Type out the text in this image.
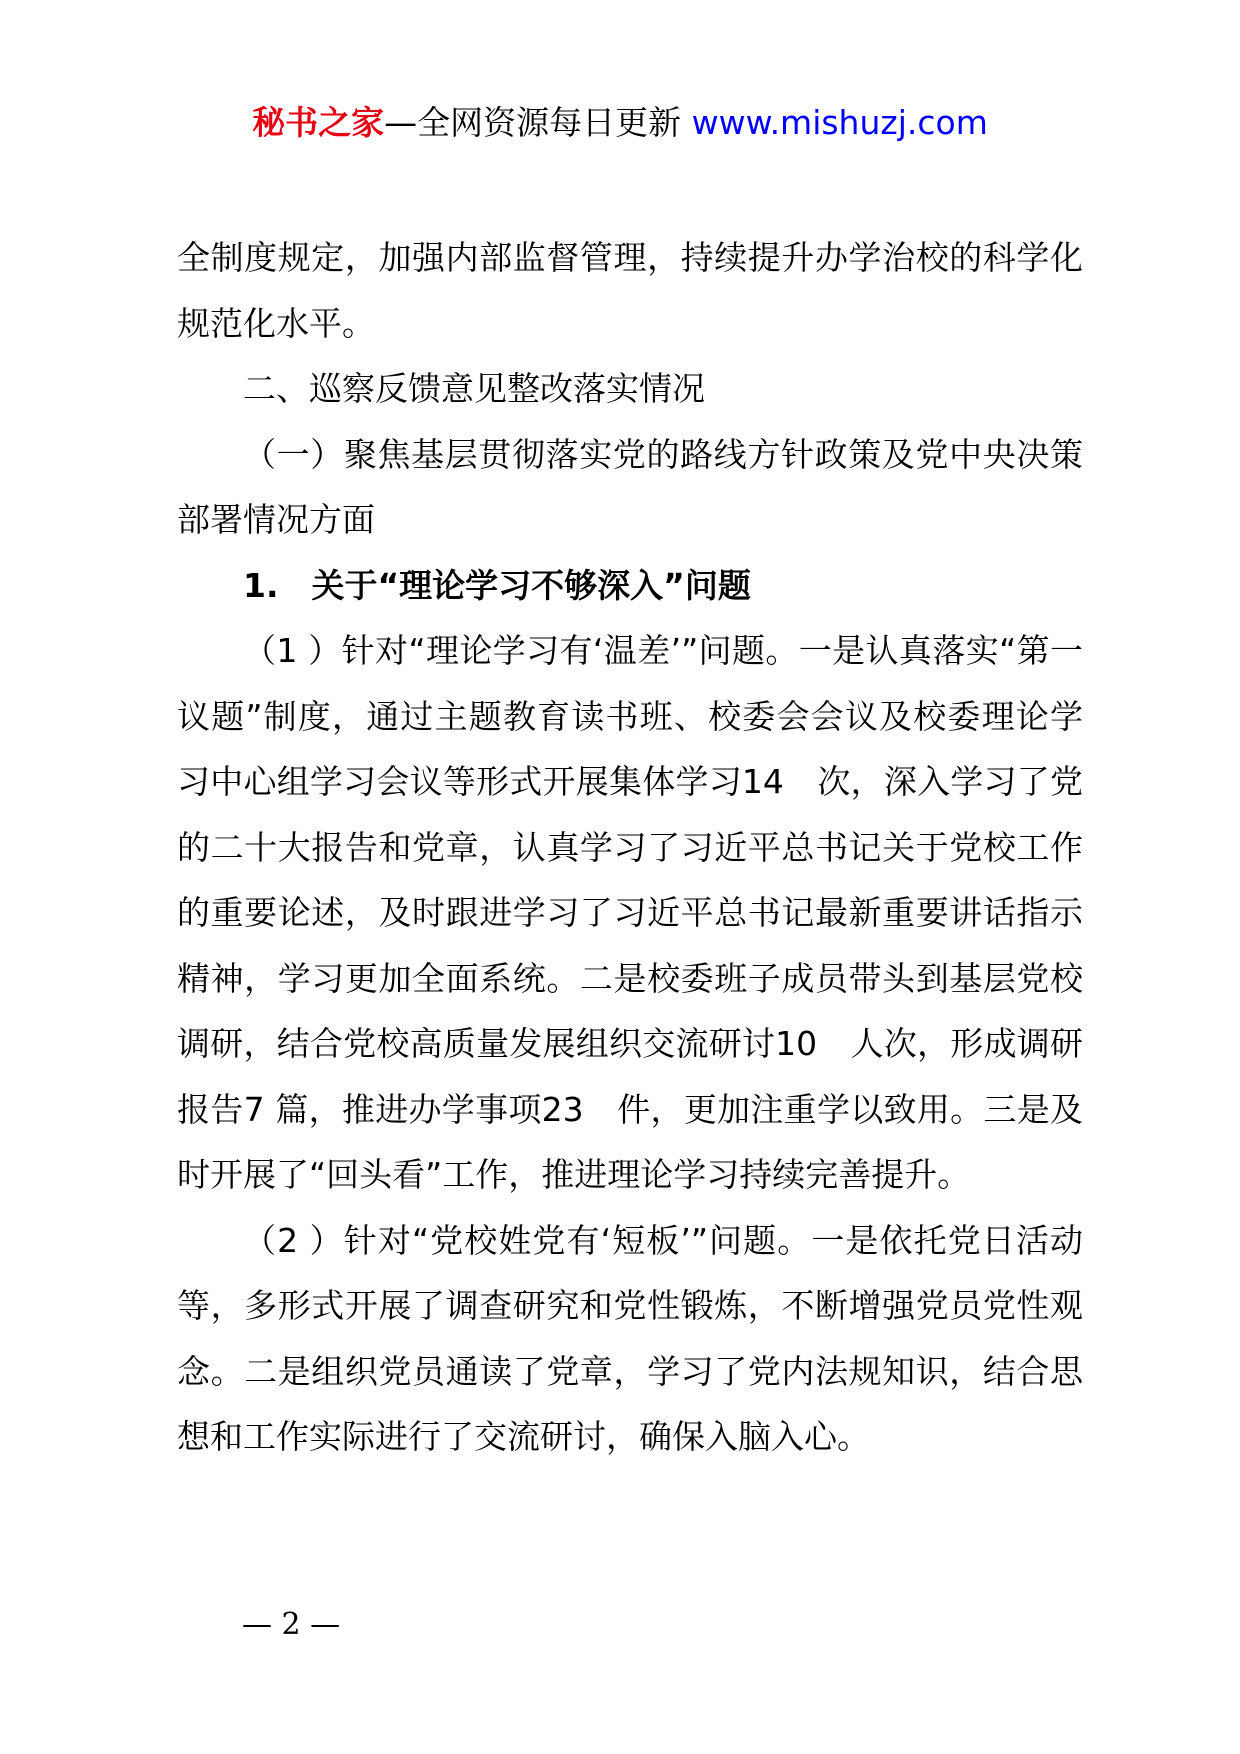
秘书之家—全网资源每日更新 www.mishuzj.com

全制度规定，加强内部监督管理，持续提升办学治校的科学化规范化水平。

二、巡察反馈意见整改落实情况

（一）聚焦基层贯彻落实党的路线方针政策及党中央决策部署情况方面

1.　关于“理论学习不够深入”问题

（1 ）针对“理论学习有‘温差’”问题。一是认真落实“第一议题”制度，通过主题教育读书班、校委会会议及校委理论学习中心组学习会议等形式开展集体学习14　次，深入学习了党的二十大报告和党章，认真学习了习近平总书记关于党校工作的重要论述，及时跟进学习了习近平总书记最新重要讲话指示精神，学习更加全面系统。二是校委班子成员带头到基层党校调研，结合党校高质量发展组织交流研讨10　人次，形成调研报告7 篇，推进办学事项23　件，更加注重学以致用。三是及时开展了“回头看”工作，推进理论学习持续完善提升。

（2 ）针对“党校姓党有‘短板’”问题。一是依托党日活动等，多形式开展了调查研究和党性锻炼，不断增强党员党性观念。二是组织党员通读了党章，学习了党内法规知识，结合思想和工作实际进行了交流研讨，确保入脑入心。

— 2 —
